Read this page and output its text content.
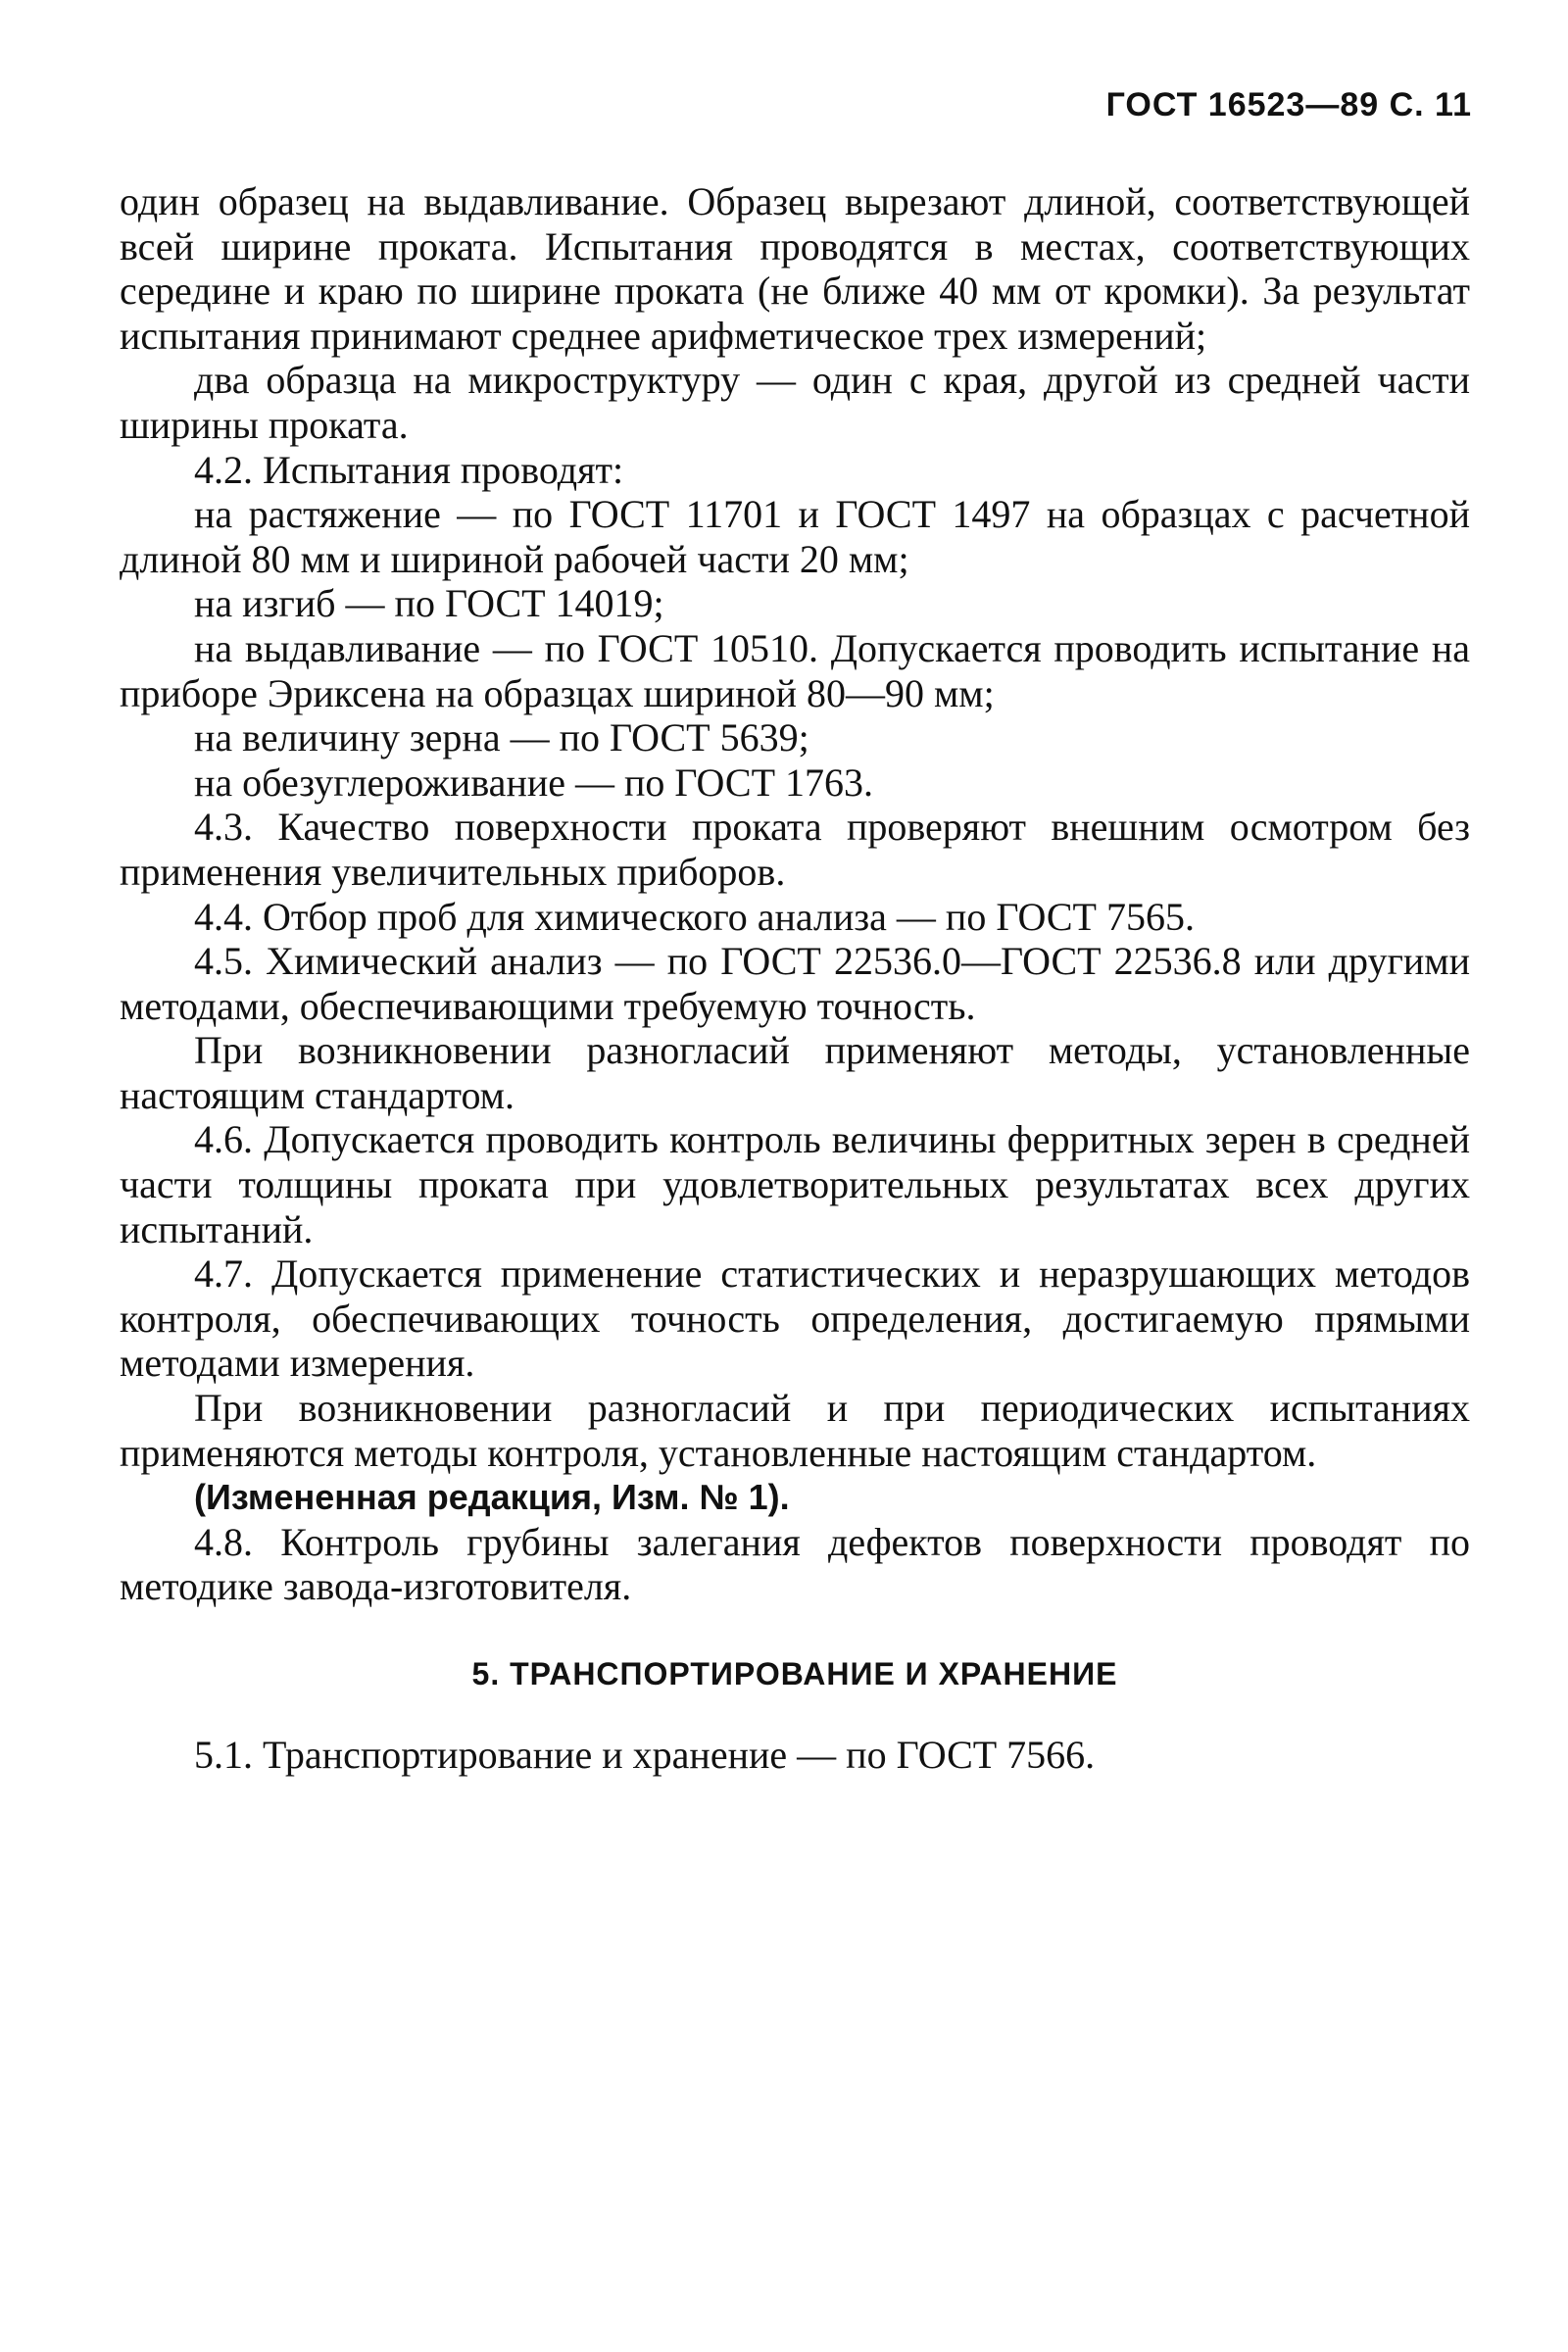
ГОСТ 16523—89 С. 11

один образец на выдавливание. Образец вырезают длиной, соответствующей всей ширине проката. Испытания проводятся в местах, соответствующих середине и краю по ширине проката (не ближе 40 мм от кромки). За результат испытания принимают среднее арифметическое трех измерений;

два образца на микроструктуру — один с края, другой из средней части ширины проката.

4.2. Испытания проводят:

на растяжение — по ГОСТ 11701 и ГОСТ 1497 на образцах с расчетной длиной 80 мм и шириной рабочей части 20 мм;

на изгиб — по ГОСТ 14019;

на выдавливание — по ГОСТ 10510. Допускается проводить испытание на приборе Эриксена на образцах шириной 80—90 мм;

на величину зерна — по ГОСТ 5639;

на обезуглероживание — по ГОСТ 1763.

4.3. Качество поверхности проката проверяют внешним осмотром без применения увеличительных приборов.

4.4. Отбор проб для химического анализа — по ГОСТ 7565.

4.5. Химический анализ — по ГОСТ 22536.0—ГОСТ 22536.8 или другими методами, обеспечивающими требуемую точность.

При возникновении разногласий применяют методы, установленные настоящим стандартом.

4.6. Допускается проводить контроль величины ферритных зерен в средней части толщины проката при удовлетворительных результатах всех других испытаний.

4.7. Допускается применение статистических и неразрушающих методов контроля, обеспечивающих точность определения, достигаемую прямыми методами измерения.

При возникновении разногласий и при периодических испытаниях применяются методы контроля, установленные настоящим стандартом.

(Измененная редакция, Изм. № 1).

4.8. Контроль грубины залегания дефектов поверхности проводят по методике завода-изготовителя.

5. ТРАНСПОРТИРОВАНИЕ И ХРАНЕНИЕ

5.1. Транспортирование и хранение — по ГОСТ 7566.
